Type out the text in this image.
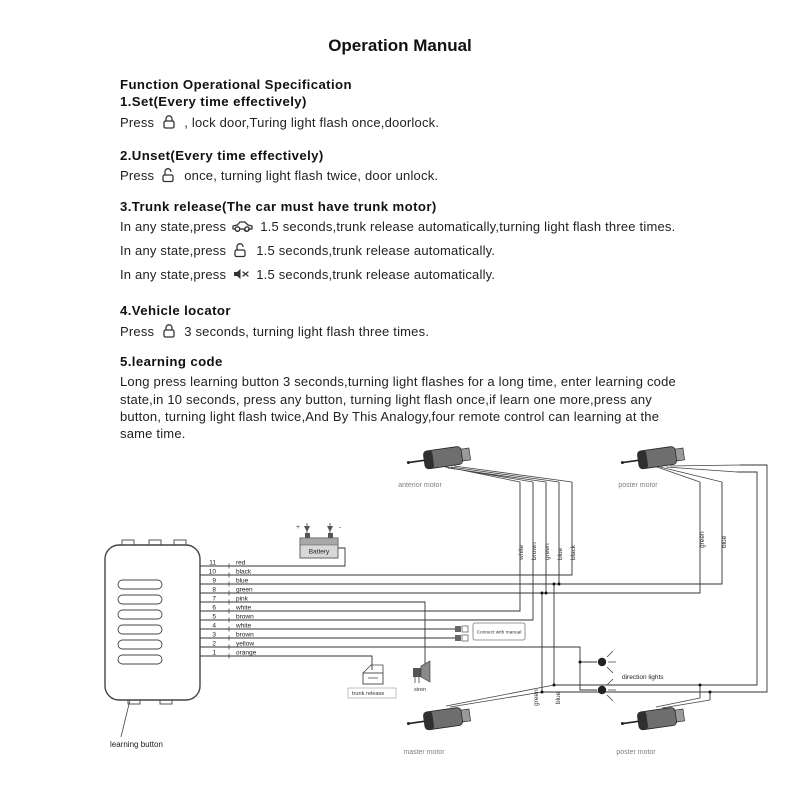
Operation Manual
Function Operational Specification
1.Set(Every time effectively)
Press , lock door,Turing light flash once,doorlock.
2.Unset(Every time effectively)
Press once, turning light flash twice, door unlock.
3.Trunk release(The car must have trunk motor)
In any state,press	1.5 seconds,trunk release automatically,turning light flash three times.
In any state,press 1.5 seconds,trunk release automatically.
In any state,press 1.5 seconds,trunk release automatically.
4.Vehicle locator
Press 3 seconds, turning light flash three times.
5.learning code
Long press learning button 3 seconds,turning light flashes for a long time, enter learning code state,in 10 seconds, press any button, turning light flash once,if learn one more,press any button, turning light flash twice,And By This Analogy,four remote control can learning at the same time.
learning button
Battery
+	-
11	red
10	black
9	blue
8	green
7	pink
6	white
5	brown
4	white
3	brown
2	yellow
1	orange
white brown green blue black
green blue
green blue
anterior motor	poster motor
master motor	poster motor
Connect with manual
trunk release
siren
direction lights
